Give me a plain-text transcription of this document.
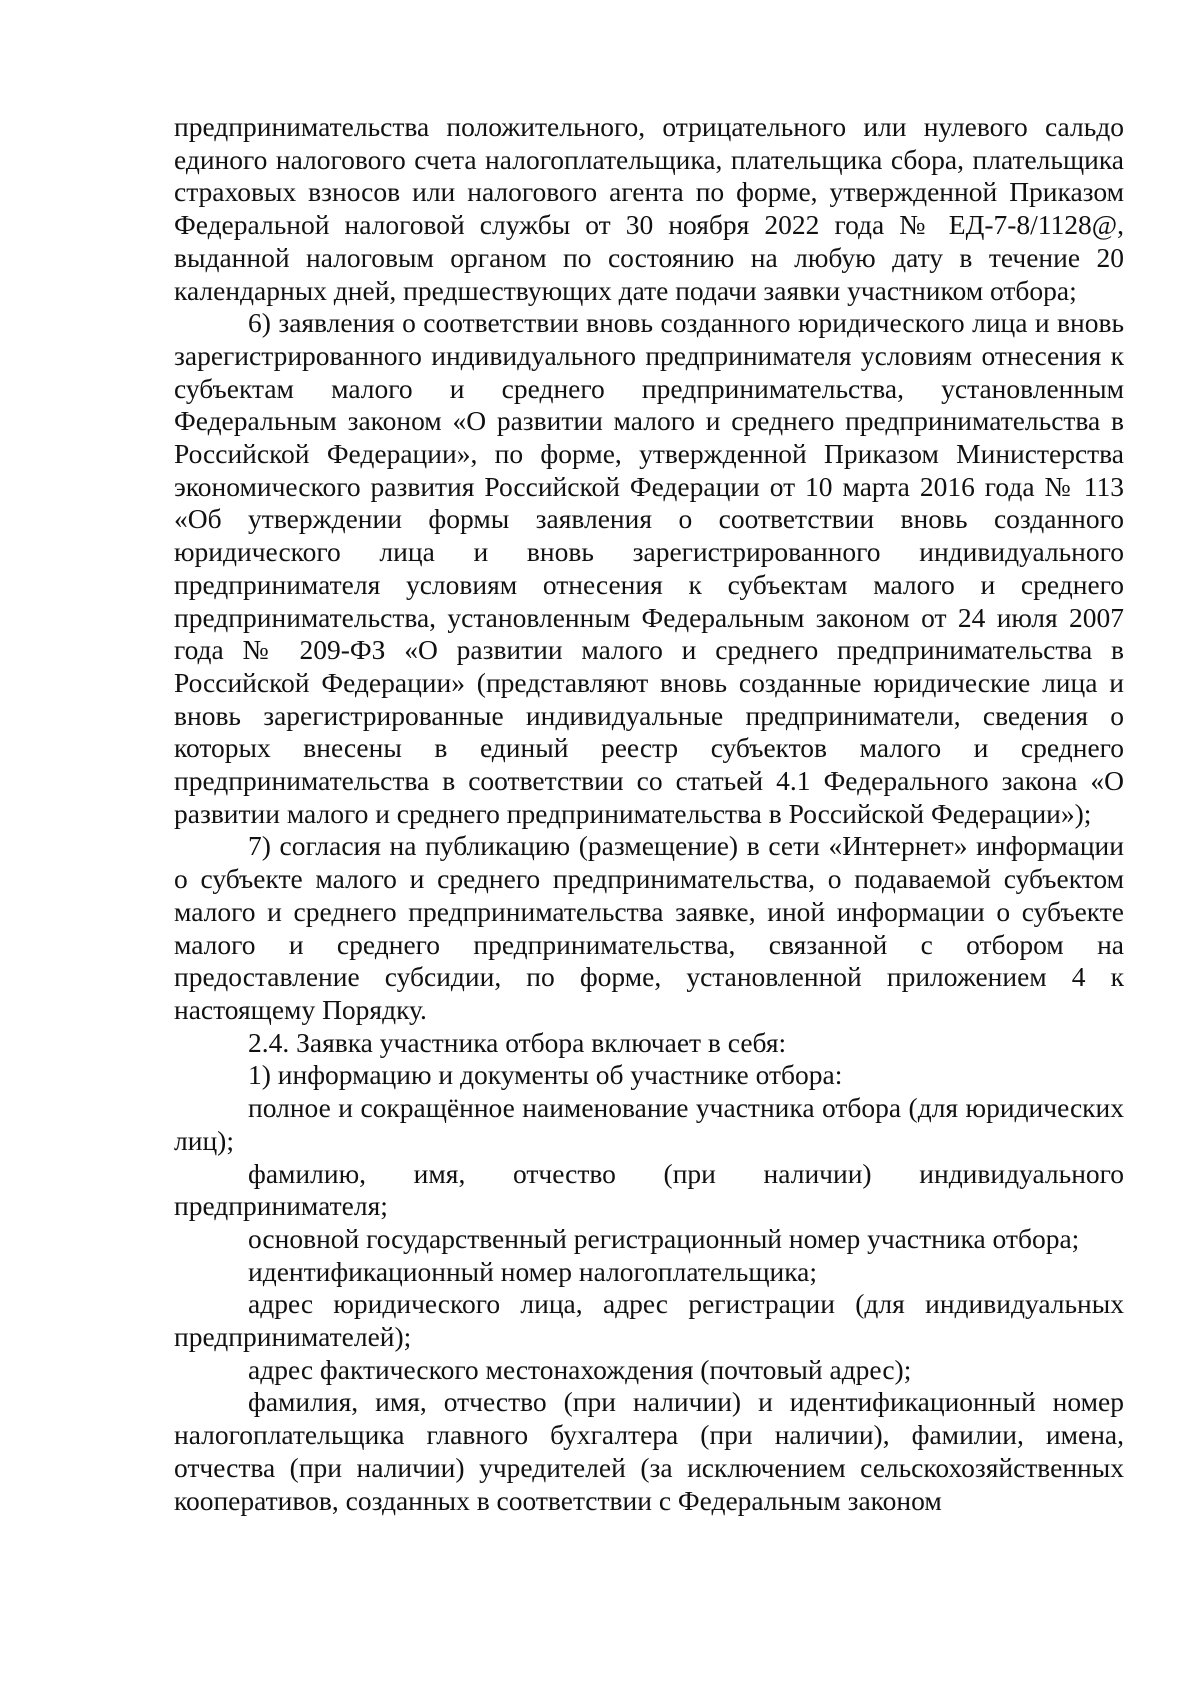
предпринимательства положительного, отрицательного или нулевого сальдо единого налогового счета налогоплательщика, плательщика сбора, плательщика страховых взносов или налогового агента по форме, утвержденной Приказом Федеральной налоговой службы от 30 ноября 2022 года № ЕД-7-8/1128@, выданной налоговым органом по состоянию на любую дату в течение 20 календарных дней, предшествующих дате подачи заявки участником отбора;

6) заявления о соответствии вновь созданного юридического лица и вновь зарегистрированного индивидуального предпринимателя условиям отнесения к субъектам малого и среднего предпринимательства, установленным Федеральным законом «О развитии малого и среднего предпринимательства в Российской Федерации», по форме, утвержденной Приказом Министерства экономического развития Российской Федерации от 10 марта 2016 года № 113 «Об утверждении формы заявления о соответствии вновь созданного юридического лица и вновь зарегистрированного индивидуального предпринимателя условиям отнесения к субъектам малого и среднего предпринимательства, установленным Федеральным законом от 24 июля 2007 года № 209-ФЗ «О развитии малого и среднего предпринимательства в Российской Федерации» (представляют вновь созданные юридические лица и вновь зарегистрированные индивидуальные предприниматели, сведения о которых внесены в единый реестр субъектов малого и среднего предпринимательства в соответствии со статьей 4.1 Федерального закона «О развитии малого и среднего предпринимательства в Российской Федерации»);

7) согласия на публикацию (размещение) в сети «Интернет» информации о субъекте малого и среднего предпринимательства, о подаваемой субъектом малого и среднего предпринимательства заявке, иной информации о субъекте малого и среднего предпринимательства, связанной с отбором на предоставление субсидии, по форме, установленной приложением 4 к настоящему Порядку.

2.4. Заявка участника отбора включает в себя:

1) информацию и документы об участнике отбора:

полное и сокращённое наименование участника отбора (для юридических лиц);

фамилию, имя, отчество (при наличии) индивидуального предпринимателя;

основной государственный регистрационный номер участника отбора;

идентификационный номер налогоплательщика;

адрес юридического лица, адрес регистрации (для индивидуальных предпринимателей);

адрес фактического местонахождения (почтовый адрес);

фамилия, имя, отчество (при наличии) и идентификационный номер налогоплательщика главного бухгалтера (при наличии), фамилии, имена, отчества (при наличии) учредителей (за исключением сельскохозяйственных кооперативов, созданных в соответствии с Федеральным законом
